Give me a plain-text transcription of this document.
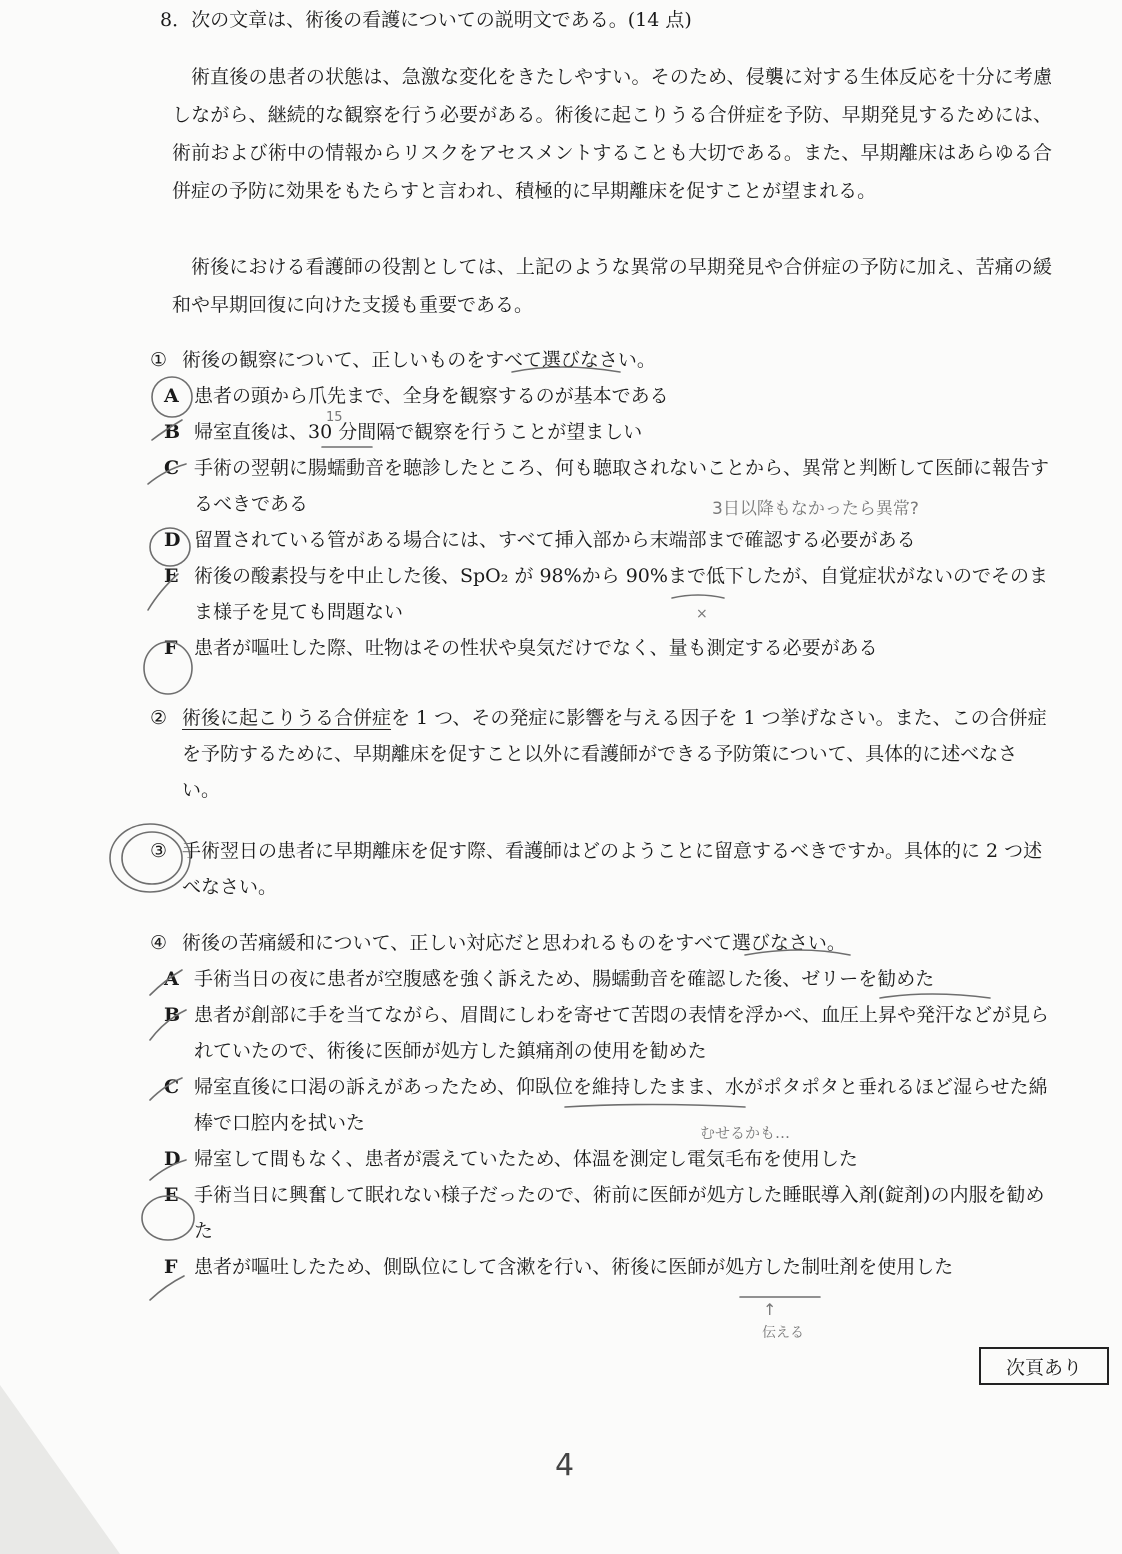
8．次の文章は、術後の看護についての説明文である。(14 点)

術直後の患者の状態は、急激な変化をきたしやすい。そのため、侵襲に対する生体反応を十分に考慮しながら、継続的な観察を行う必要がある。術後に起こりうる合併症を予防、早期発見するためには、術前および術中の情報からリスクをアセスメントすることも大切である。また、早期離床はあらゆる合併症の予防に効果をもたらすと言われ、積極的に早期離床を促すことが望まれる。

術後における看護師の役割としては、上記のような異常の早期発見や合併症の予防に加え、苦痛の緩和や早期回復に向けた支援も重要である。

① 術後の観察について、正しいものをすべて選びなさい。
A 患者の頭から爪先まで、全身を観察するのが基本である
B 帰室直後は、30 分間隔で観察を行うことが望ましい
C 手術の翌朝に腸蠕動音を聴診したところ、何も聴取されないことから、異常と判断して医師に報告するべきである
D 留置されている管がある場合には、すべて挿入部から末端部まで確認する必要がある
E 術後の酸素投与を中止した後、SpO₂ が 98%から 90%まで低下したが、自覚症状がないのでそのまま様子を見ても問題ない
F 患者が嘔吐した際、吐物はその性状や臭気だけでなく、量も測定する必要がある
② 術後に起こりうる合併症を 1 つ、その発症に影響を与える因子を 1 つ挙げなさい。また、この合併症を予防するために、早期離床を促すこと以外に看護師ができる予防策について、具体的に述べなさい。
③ 手術翌日の患者に早期離床を促す際、看護師はどのようことに留意するべきですか。具体的に 2 つ述べなさい。
④ 術後の苦痛緩和について、正しい対応だと思われるものをすべて選びなさい。
A 手術当日の夜に患者が空腹感を強く訴えため、腸蠕動音を確認した後、ゼリーを勧めた
B 患者が創部に手を当てながら、眉間にしわを寄せて苦悶の表情を浮かべ、血圧上昇や発汗などが見られていたので、術後に医師が処方した鎮痛剤の使用を勧めた
C 帰室直後に口渇の訴えがあったため、仰臥位を維持したまま、水がポタポタと垂れるほど湿らせた綿棒で口腔内を拭いた
D 帰室して間もなく、患者が震えていたため、体温を測定し電気毛布を使用した
E 手術当日に興奮して眠れない様子だったので、術前に医師が処方した睡眠導入剤(錠剤)の内服を勧めた
F 患者が嘔吐したため、側臥位にして含漱を行い、術後に医師が処方した制吐剤を使用した
次頁あり
4
15
3日以降もなかったら異常?
×
むせるかも…
↑
伝える
